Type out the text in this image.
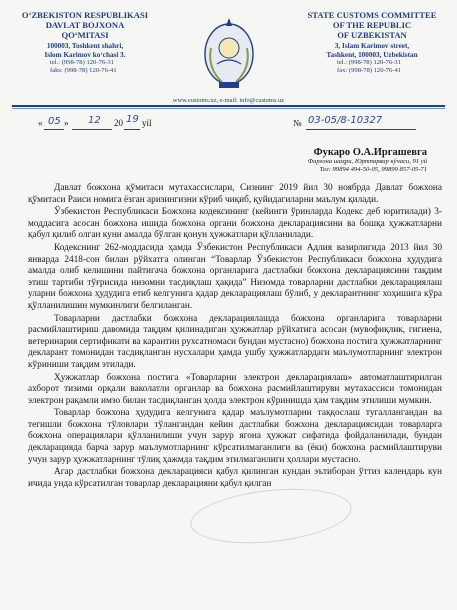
O‘ZBEKISTON RESPUBLIKASI
DAVLAT BOJXONA
QO‘MITASI
100003, Toshkent shahri,
Islom Karimov ko‘chasi 3.
tel.: (998-78) 120-76-31
faks: (998-78) 120-76-41
STATE CUSTOMS COMMITTEE
OF THE REPUBLIC
OF UZBEKISTAN
3, Islam Karimov street,
Tashkent, 100003, Uzbekistan
tel.: (998-78) 120-76-31
fax: (998-78) 120-76-41
www.customs.uz, e-mail: info@customs.uz
« 05 » 12 20 19 yil	№ 03-05/8-10327
Фукаро О.А.Иргашевга
Фарғона шаҳри, Юртпарвар кўчаси, 91 уй
Тел: 99894 494-50-05, 99899 857-05-71

Давлат божхона қўмитаси мутахассислари, Сизнинг 2019 йил 30 ноябрда Давлат божхона қўмитаси Раиси номига ёзган аризингизни кўриб чиқиб, қуйидагиларни маълум қилади.

Ўзбекистон Республикаси Божхона кодексининг (кейинги ўринларда Кодекс деб юритилади) 3-моддасига асосан божхона ишида божхона органи божхона декларациясини ва бошқа ҳужжатларни қабул қилиб олган куни амалда бўлган қонун ҳужжатлари қўлланилади.

Кодекснинг 262-моддасида ҳамда Ўзбекистон Республикаси Адлия вазирлигида 2013 йил 30 январда 2418-сон билан рўйхатга олинган “Товарлар Ўзбекистон Республикаси божхона ҳудудига амалда олиб келишини пайтигача божхона органларига дастлабки божхона декларациясини тақдим этиш тартиби тўғрисида низомни тасдиқлаш ҳақида” Низомда товарларни дастлабки декларациялаш уларни божхона ҳудудига етиб келгунига қадар декларациялаш бўлиб, у декларантнинг хоҳишига кўра қўлланилишин мумкинлиги белгиланган.

Товарларни дастлабки божхона декларациялашда божхона органларига товарларни расмийлаштириш давомида тақдим қилинадиган ҳужжатлар рўйхатига асосан (мувофиқлик, гигиена, ветеринария сертификати ва карантин рухсатномаси бундан мустасно) божхона постига ҳужжатларнинг декларант томонидан тасдиқланган нусхалари ҳамда ушбу ҳужжатлардаги маълумотларнинг электрон кўриниши тақдим этилади.

Ҳужжатлар божхона постига «Товарларни электрон декларациялаш» автоматлаштирилган ахборот тизими орқали ваколатли органлар ва божхона расмийлаштируви мутахассиси томонидан электрон рақамли имзо билан тасдиқланган ҳолда электрон кўринишда ҳам тақдим этилиши мумкин.

Товарлар божхона ҳудудига келгунига қадар маълумотларни таққослаш тугаллангандан ва тегишли божхона тўловлари тўлангандан кейин дастлабки божхона декларациясидан товарларга божхона операциялари қўлланилиши учун зарур ягона ҳужжат сифатида фойдаланилади, бундан декларацияда барча зарур маълумотларнинг кўрсатилмаганлиги ва (ёки) божхона расмийлаштируви учун зарур ҳужжатларнинг тўлиқ ҳажмда тақдим этилмаганлиги ҳоллари мустасно.

Агар дастлабки божхона декларацияси қабул қилинган кундан эътиборан ўттиз календарь кун ичида унда кўрсатилган товарлар декларацияни қабул қилган
